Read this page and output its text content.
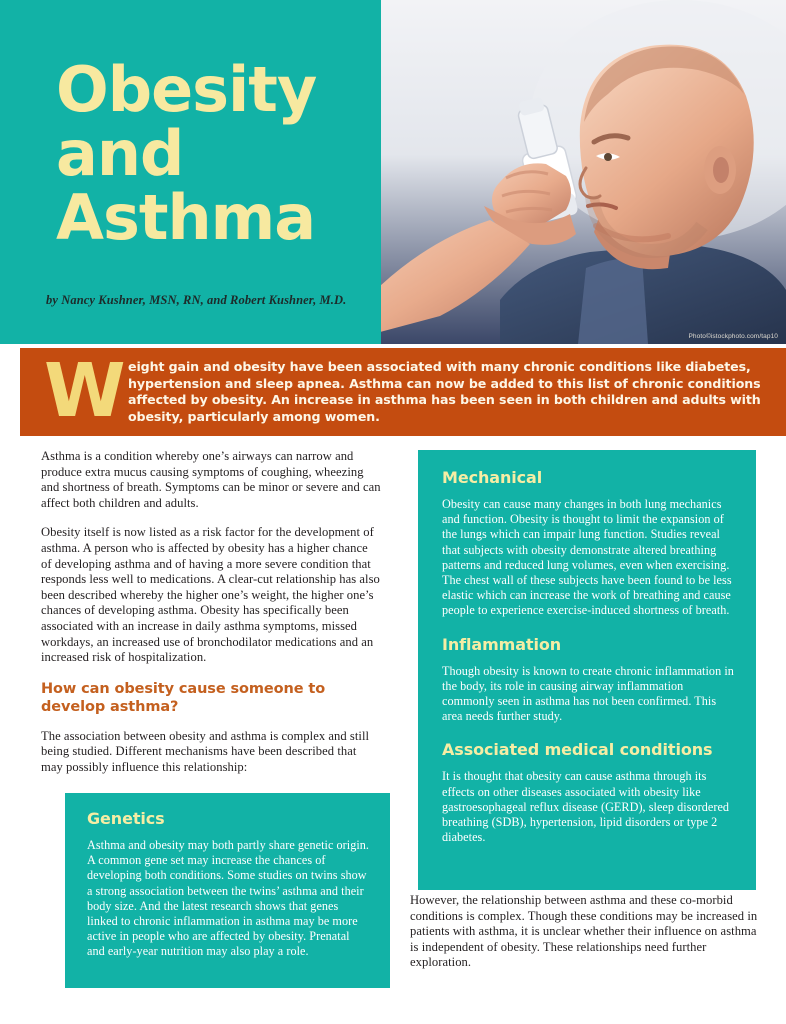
Photo©istockphoto.com/tap10
Obesity
and
Asthma
by Nancy Kushner, MSN, RN, and Robert Kushner, M.D.
W eight gain and obesity have been associated with many chronic conditions like diabetes, hypertension and sleep apnea. Asthma can now be added to this list of chronic conditions affected by obesity. An increase in asthma has been seen in both children and adults with obesity, particularly among women.

Asthma is a condition whereby one’s airways can narrow and produce extra mucus causing symptoms of coughing, wheezing and shortness of breath. Symptoms can be minor or severe and can affect both children and adults.

Obesity itself is now listed as a risk factor for the development of asthma. A person who is affected by obesity has a higher chance of developing asthma and of having a more severe condition that responds less well to medications. A clear-cut relationship has also been described whereby the higher one’s weight, the higher one’s chances of developing asthma. Obesity has specifically been associated with an increase in daily asthma symptoms, missed workdays, an increased use of bronchodilator medications and an increased risk of hospitalization.

How can obesity cause someone to develop asthma?

The association between obesity and asthma is complex and still being studied. Different mechanisms have been described that may possibly influence this relationship:

Genetics

Asthma and obesity may both partly share genetic origin. A common gene set may increase the chances of developing both conditions. Some studies on twins show a strong association between the twins’ asthma and their body size. And the latest research shows that genes linked to chronic inflammation in asthma may be more active in people who are affected by obesity. Prenatal and early-year nutrition may also play a role.

Mechanical

Obesity can cause many changes in both lung mechanics and function. Obesity is thought to limit the expansion of the lungs which can impair lung function. Studies reveal that subjects with obesity demonstrate altered breathing patterns and reduced lung volumes, even when exercising. The chest wall of these subjects have been found to be less elastic which can increase the work of breathing and cause people to experience exercise-induced shortness of breath.

Inflammation

Though obesity is known to create chronic inflammation in the body, its role in causing airway inflammation commonly seen in asthma has not been confirmed. This area needs further study.

Associated medical conditions

It is thought that obesity can cause asthma through its effects on other diseases associated with obesity like gastroesophageal reflux disease (GERD), sleep disordered breathing (SDB), hypertension, lipid disorders or type 2 diabetes.

However, the relationship between asthma and these co-morbid conditions is complex. Though these conditions may be increased in patients with asthma, it is unclear whether their influence on asthma is independent of obesity. These relationships need further exploration.
